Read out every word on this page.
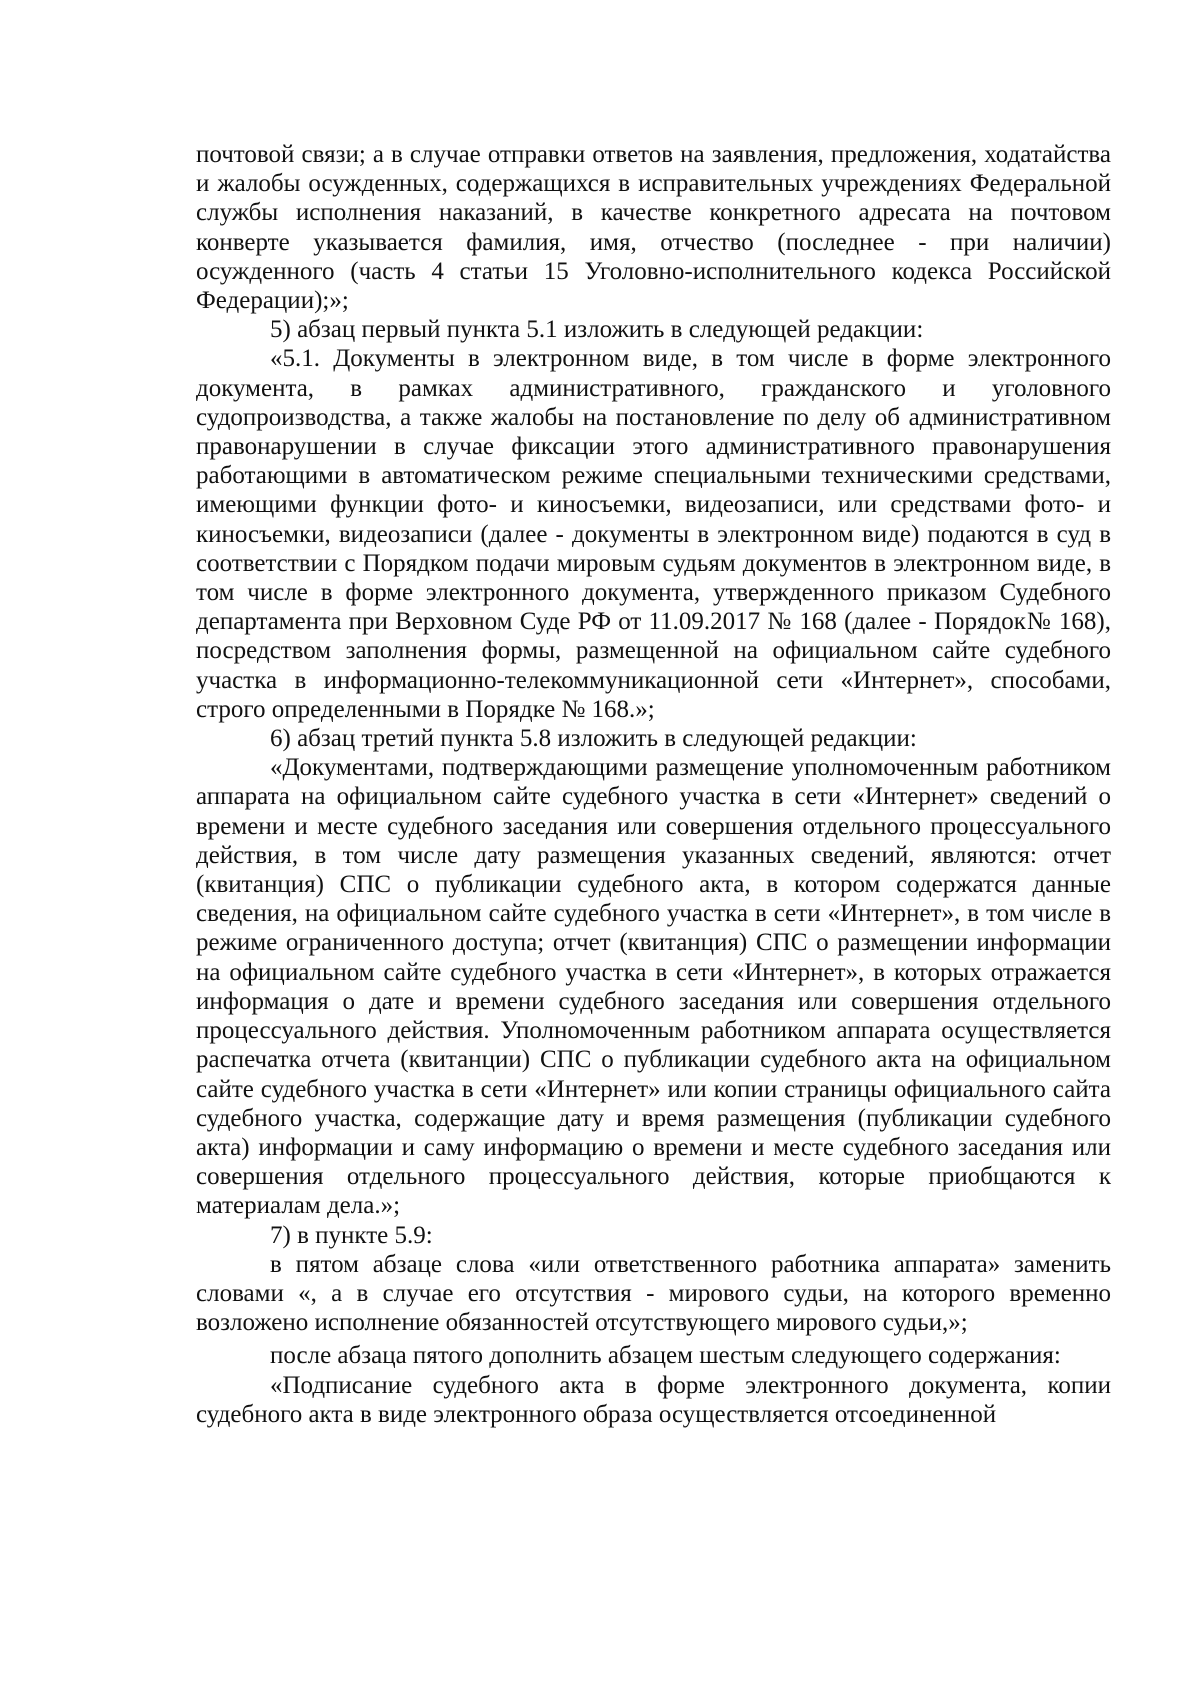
почтовой связи; а в случае отправки ответов на заявления, предложения, ходатайства и жалобы осужденных, содержащихся в исправительных учреждениях Федеральной службы исполнения наказаний, в качестве конкретного адресата на почтовом конверте указывается фамилия, имя, отчество (последнее - при наличии) осужденного (часть 4 статьи 15 Уголовно-исполнительного кодекса Российской Федерации);»;

5) абзац первый пункта 5.1 изложить в следующей редакции:

«5.1. Документы в электронном виде, в том числе в форме электронного документа, в рамках административного, гражданского и уголовного судопроизводства, а также жалобы на постановление по делу об административном правонарушении в случае фиксации этого административного правонарушения работающими в автоматическом режиме специальными техническими средствами, имеющими функции фото- и киносъемки, видеозаписи, или средствами фото- и киносъемки, видеозаписи (далее - документы в электронном виде) подаются в суд в соответствии с Порядком подачи мировым судьям документов в электронном виде, в том числе в форме электронного документа, утвержденного приказом Судебного департамента при Верховном Суде РФ от 11.09.2017 № 168 (далее - Порядок№ 168), посредством заполнения формы, размещенной на официальном сайте судебного участка в информационно-телекоммуникационной сети «Интернет», способами, строго определенными в Порядке № 168.»;

6) абзац третий пункта 5.8 изложить в следующей редакции:

«Документами, подтверждающими размещение уполномоченным работником аппарата на официальном сайте судебного участка в сети «Интернет» сведений о времени и месте судебного заседания или совершения отдельного процессуального действия, в том числе дату размещения указанных сведений, являются: отчет (квитанция) СПС о публикации судебного акта, в котором содержатся данные сведения, на официальном сайте судебного участка в сети «Интернет», в том числе в режиме ограниченного доступа; отчет (квитанция) СПС о размещении информации на официальном сайте судебного участка в сети «Интернет», в которых отражается информация о дате и времени судебного заседания или совершения отдельного процессуального действия. Уполномоченным работником аппарата осуществляется распечатка отчета (квитанции) СПС о публикации судебного акта на официальном сайте судебного участка в сети «Интернет» или копии страницы официального сайта судебного участка, содержащие дату и время размещения (публикации судебного акта) информации и саму информацию о времени и месте судебного заседания или совершения отдельного процессуального действия, которые приобщаются к материалам дела.»;

7) в пункте 5.9:

в пятом абзаце слова «или ответственного работника аппарата» заменить словами «, а в случае его отсутствия - мирового судьи, на которого временно возложено исполнение обязанностей отсутствующего мирового судьи,»;

после абзаца пятого дополнить абзацем шестым следующего содержания:

«Подписание судебного акта в форме электронного документа, копии судебного акта в виде электронного образа осуществляется отсоединенной
